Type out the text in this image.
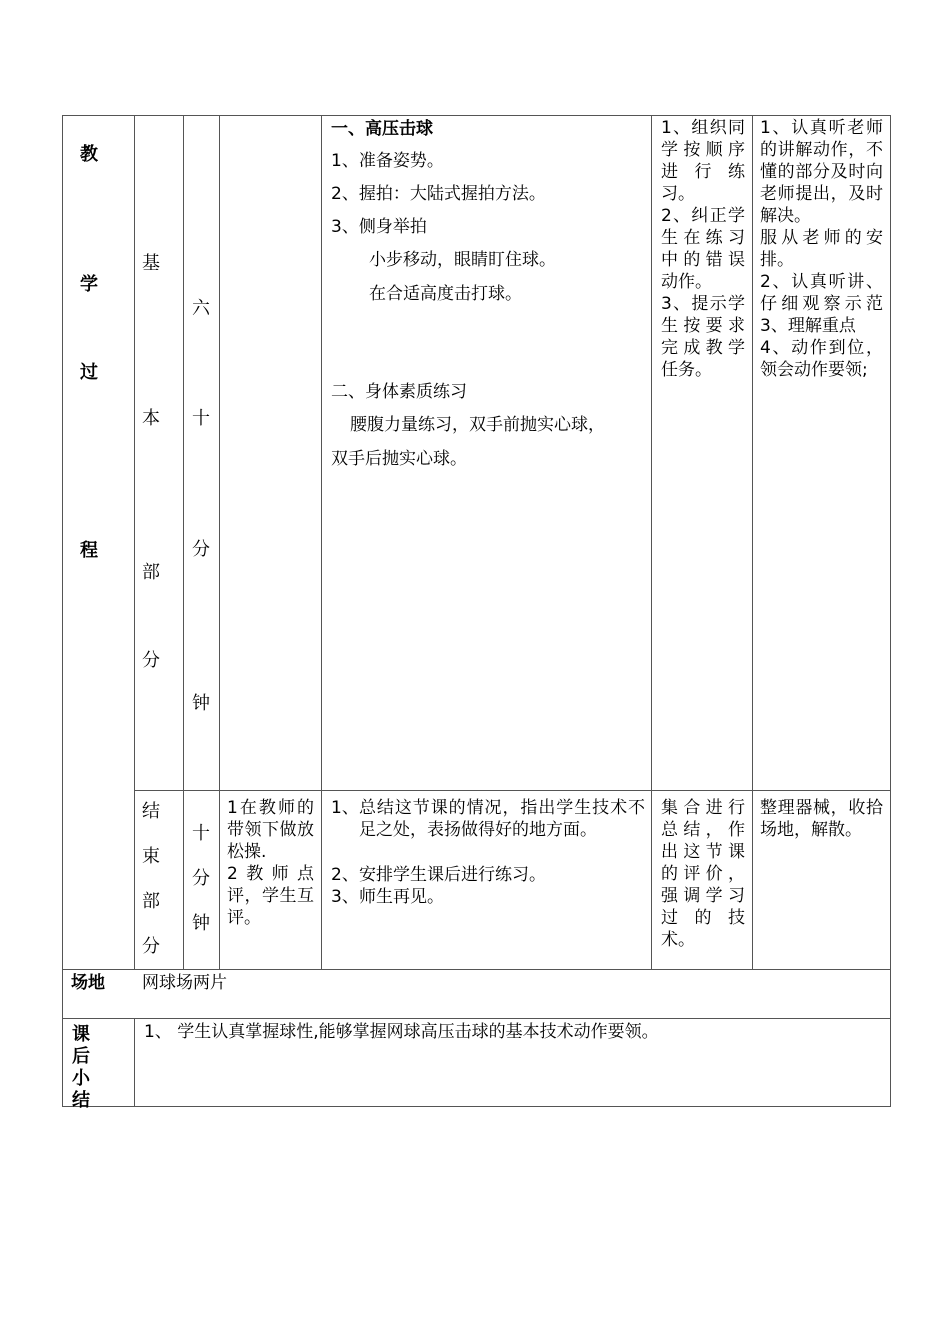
教
学
过
程
基
本
部
分
六
十
分
钟
一、高压击球
1、准备姿势。
2、握拍：大陆式握拍方法。
3、侧身举拍
小步移动，眼睛盯住球。
在合适高度击打球。
二、身体素质练习
腰腹力量练习，双手前抛实心球，
双手后抛实心球。
1、组织同学按顺序进行练习。
2、纠正学生在练习中的错误动作。
3、提示学生按要求完成教学任务。
1、认真听老师的讲解动作，不懂的部分及时向 老师提出，及时解决。
服从老师的安排。
2、认真听讲、仔细观察示范 3、理解重点
4、动作到位，领会动作要领;
结
束
部
分
十
分
钟
1在教师的带领下做放松操.
2教师点评，学生互评。
1、 总结这节课的情况，指出学生技术不足之处，表扬做得好的地方面。
2、 安排学生课后进行练习。
3、 师生再见。
集合进行总结，作出这节课的评价，强调学习过的技术。
整理器械，收拾场地，解散。
场地 网球场两片
课
后
小
结
1、 学生认真掌握球性,能够掌握网球高压击球的基本技术动作要领。
